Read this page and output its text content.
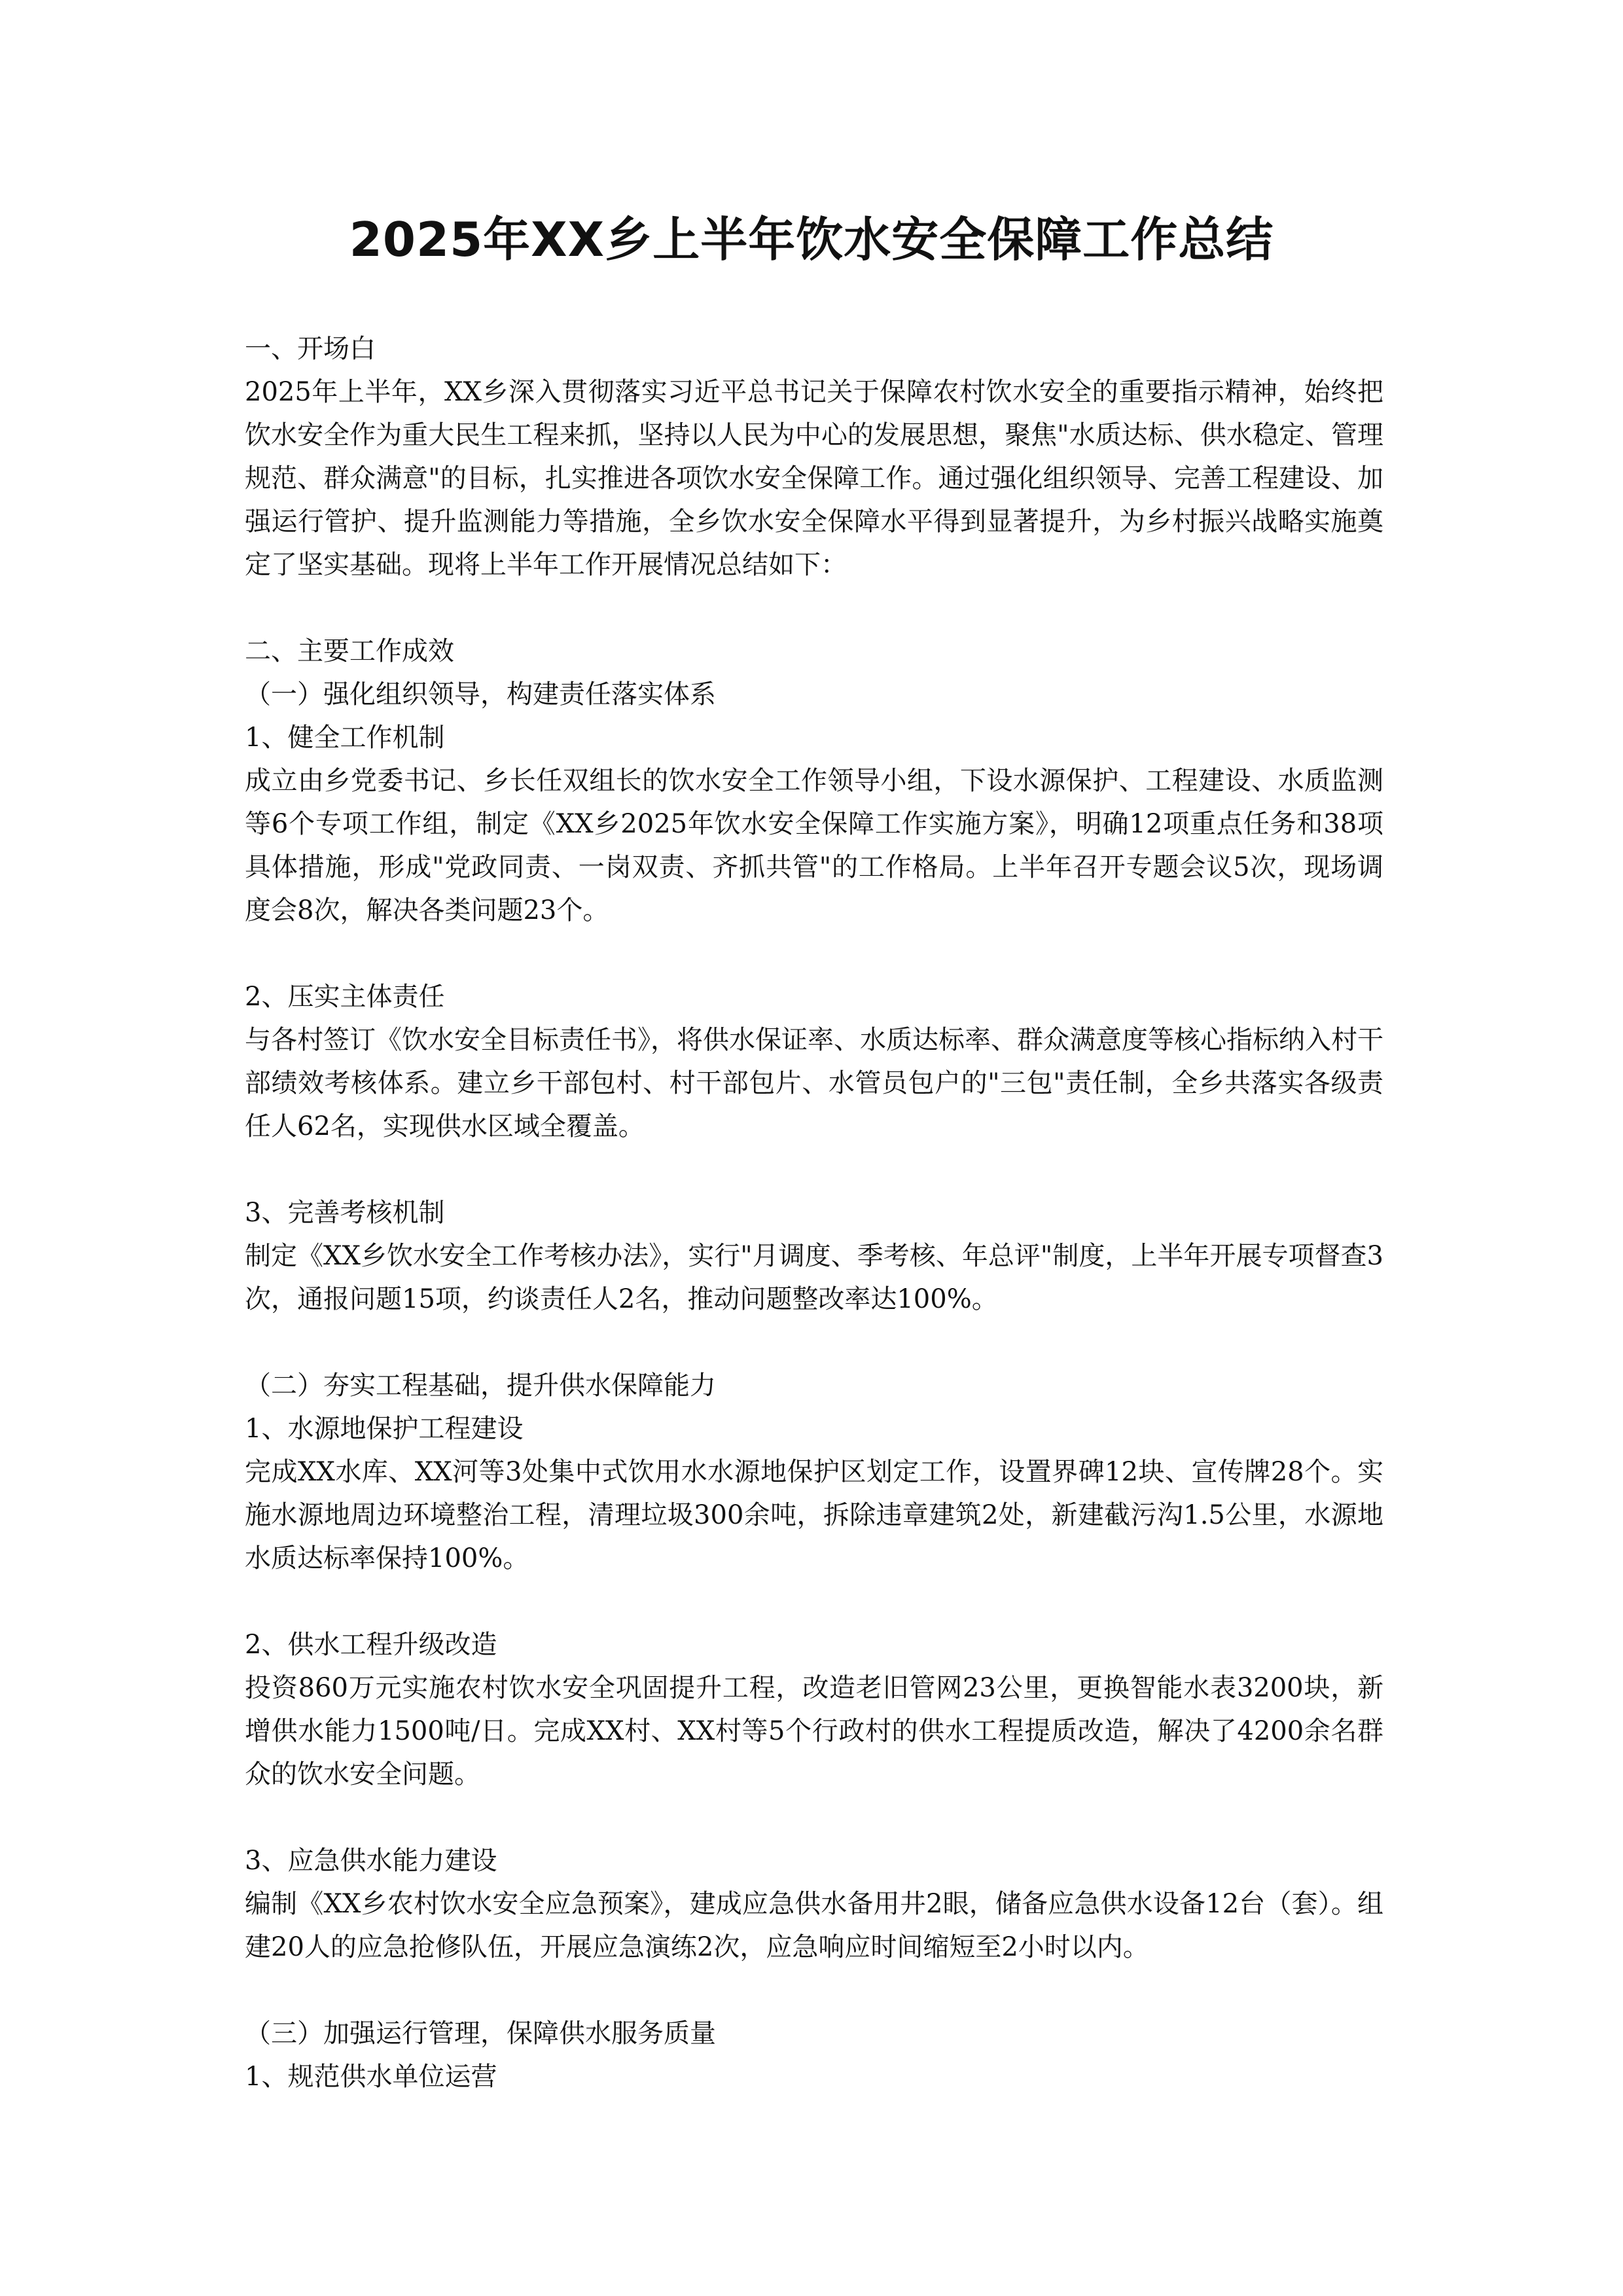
2025年XX乡上半年饮水安全保障工作总结

一、开场白

2025年上半年，XX乡深入贯彻落实习近平总书记关于保障农村饮水安全的重要指示精神，始终把饮水安全作为重大民生工程来抓，坚持以人民为中心的发展思想，聚焦"水质达标、供水稳定、管理规范、群众满意"的目标，扎实推进各项饮水安全保障工作。通过强化组织领导、完善工程建设、加强运行管护、提升监测能力等措施，全乡饮水安全保障水平得到显著提升，为乡村振兴战略实施奠定了坚实基础。现将上半年工作开展情况总结如下：

二、主要工作成效

（一）强化组织领导，构建责任落实体系

1、健全工作机制

成立由乡党委书记、乡长任双组长的饮水安全工作领导小组，下设水源保护、工程建设、水质监测等6个专项工作组，制定《XX乡2025年饮水安全保障工作实施方案》，明确12项重点任务和38项具体措施，形成"党政同责、一岗双责、齐抓共管"的工作格局。上半年召开专题会议5次，现场调度会8次，解决各类问题23个。

2、压实主体责任

与各村签订《饮水安全目标责任书》，将供水保证率、水质达标率、群众满意度等核心指标纳入村干部绩效考核体系。建立乡干部包村、村干部包片、水管员包户的"三包"责任制，全乡共落实各级责任人62名，实现供水区域全覆盖。

3、完善考核机制

制定《XX乡饮水安全工作考核办法》，实行"月调度、季考核、年总评"制度，上半年开展专项督查3次，通报问题15项，约谈责任人2名，推动问题整改率达100%。

（二）夯实工程基础，提升供水保障能力

1、水源地保护工程建设

完成XX水库、XX河等3处集中式饮用水水源地保护区划定工作，设置界碑12块、宣传牌28个。实施水源地周边环境整治工程，清理垃圾300余吨，拆除违章建筑2处，新建截污沟1.5公里，水源地水质达标率保持100%。

2、供水工程升级改造

投资860万元实施农村饮水安全巩固提升工程，改造老旧管网23公里，更换智能水表3200块，新增供水能力1500吨/日。完成XX村、XX村等5个行政村的供水工程提质改造，解决了4200余名群众的饮水安全问题。

3、应急供水能力建设

编制《XX乡农村饮水安全应急预案》，建成应急供水备用井2眼，储备应急供水设备12台（套）。组建20人的应急抢修队伍，开展应急演练2次，应急响应时间缩短至2小时以内。

（三）加强运行管理，保障供水服务质量

1、规范供水单位运营
